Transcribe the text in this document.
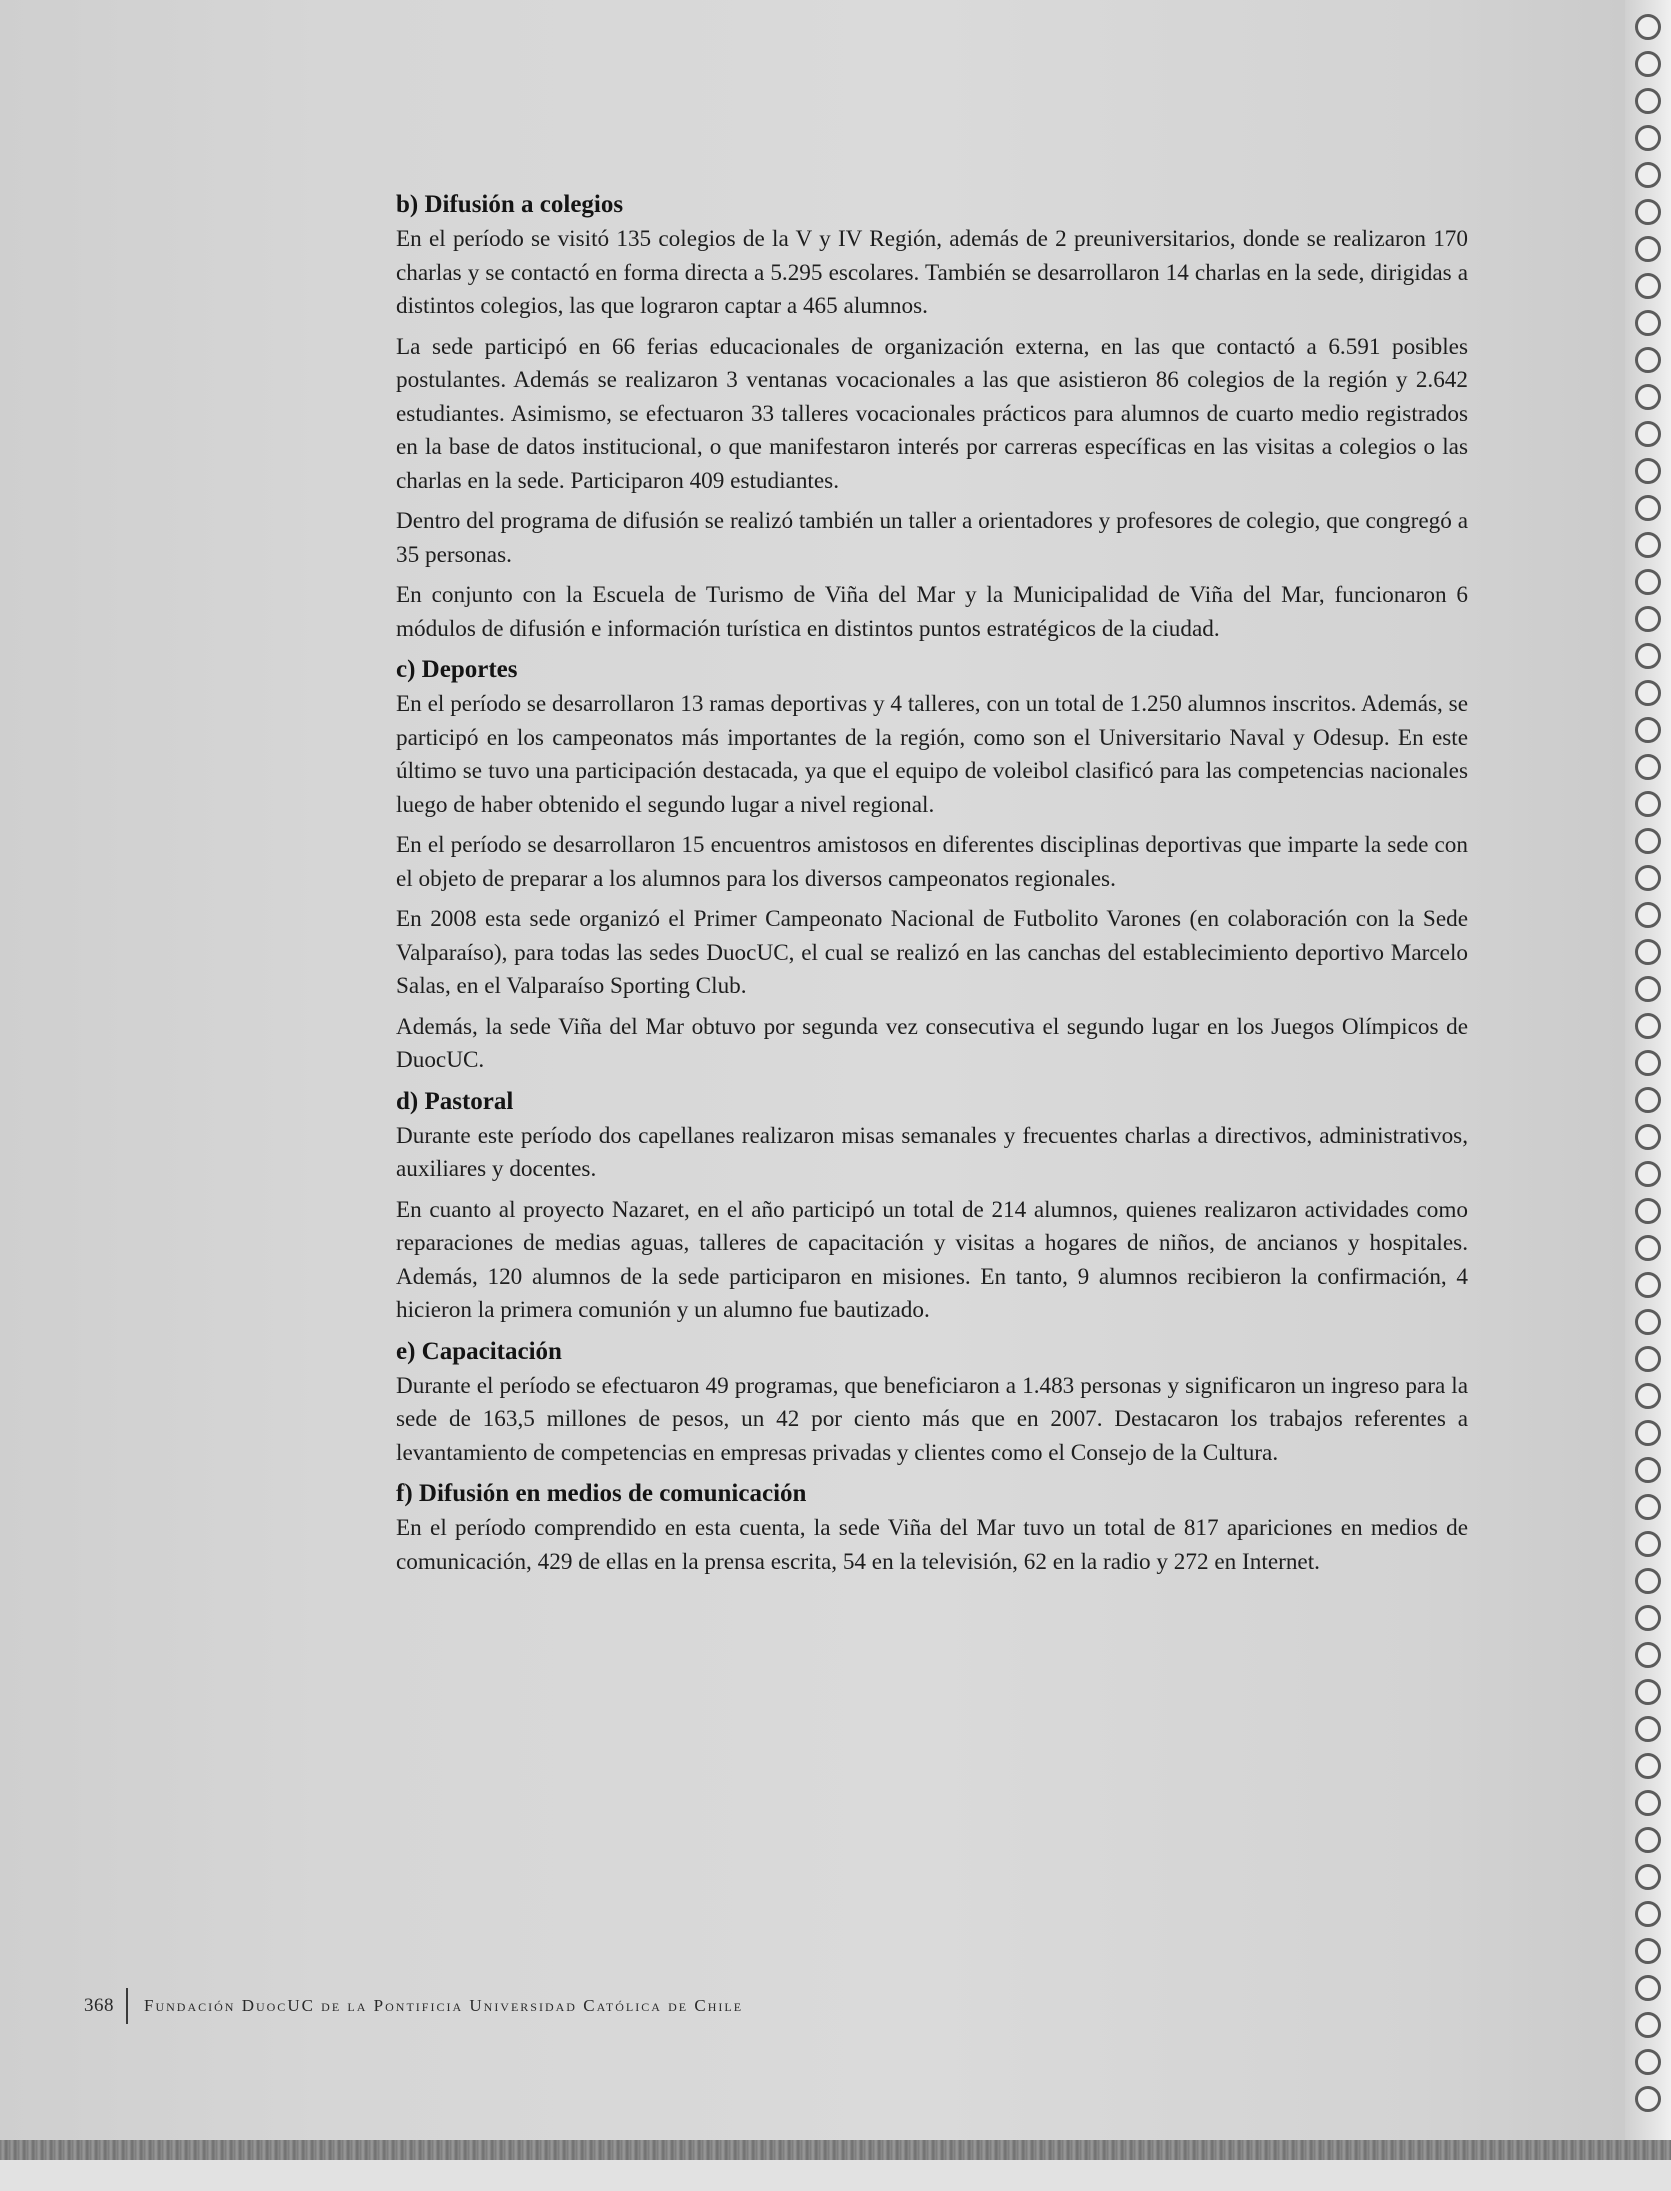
b) Difusión a colegios

En el período se visitó 135 colegios de la V y IV Región, además de 2 preuniversitarios, donde se realizaron 170 charlas y se contactó en forma directa a 5.295 escolares. También se desarrollaron 14 charlas en la sede, dirigidas a distintos colegios, las que lograron captar a 465 alumnos.

La sede participó en 66 ferias educacionales de organización externa, en las que contactó a 6.591 posibles postulantes. Además se realizaron 3 ventanas vocacionales a las que asistieron 86 colegios de la región y 2.642 estudiantes. Asimismo, se efectuaron 33 talleres vocacionales prácticos para alumnos de cuarto medio registrados en la base de datos institucional, o que manifestaron interés por carreras específicas en las visitas a colegios o las charlas en la sede. Participaron 409 estudiantes.

Dentro del programa de difusión se realizó también un taller a orientadores y profesores de colegio, que congregó a 35 personas.

En conjunto con la Escuela de Turismo de Viña del Mar y la Municipalidad de Viña del Mar, funcionaron 6 módulos de difusión e información turística en distintos puntos estratégicos de la ciudad.

c) Deportes

En el período se desarrollaron 13 ramas deportivas y 4 talleres, con un total de 1.250 alumnos inscritos. Además, se participó en los campeonatos más importantes de la región, como son el Universitario Naval y Odesup. En este último se tuvo una participación destacada, ya que el equipo de voleibol clasificó para las competencias nacionales luego de haber obtenido el segundo lugar a nivel regional.

En el período se desarrollaron 15 encuentros amistosos en diferentes disciplinas deportivas que imparte la sede con el objeto de preparar a los alumnos para los diversos campeonatos regionales.

En 2008 esta sede organizó el Primer Campeonato Nacional de Futbolito Varones (en colaboración con la Sede Valparaíso), para todas las sedes DuocUC, el cual se realizó en las canchas del establecimiento deportivo Marcelo Salas, en el Valparaíso Sporting Club.

Además, la sede Viña del Mar obtuvo por segunda vez consecutiva el segundo lugar en los Juegos Olímpicos de DuocUC.

d) Pastoral

Durante este período dos capellanes realizaron misas semanales y frecuentes charlas a directivos, administrativos, auxiliares y docentes.

En cuanto al proyecto Nazaret, en el año participó un total de 214 alumnos, quienes realizaron actividades como reparaciones de medias aguas, talleres de capacitación y visitas a hogares de niños, de ancianos y hospitales. Además, 120 alumnos de la sede participaron en misiones. En tanto, 9 alumnos recibieron la confirmación, 4 hicieron la primera comunión y un alumno fue bautizado.

e) Capacitación

Durante el período se efectuaron 49 programas, que beneficiaron a 1.483 personas y significaron un ingreso para la sede de 163,5 millones de pesos, un 42 por ciento más que en 2007. Destacaron los trabajos referentes a levantamiento de competencias en empresas privadas y clientes como el Consejo de la Cultura.

f) Difusión en medios de comunicación

En el período comprendido en esta cuenta, la sede Viña del Mar tuvo un total de 817 apariciones en medios de comunicación, 429 de ellas en la prensa escrita, 54 en la televisión, 62 en la radio y 272 en Internet.

368 Fundación DuocUC de la Pontificia Universidad Católica de Chile
